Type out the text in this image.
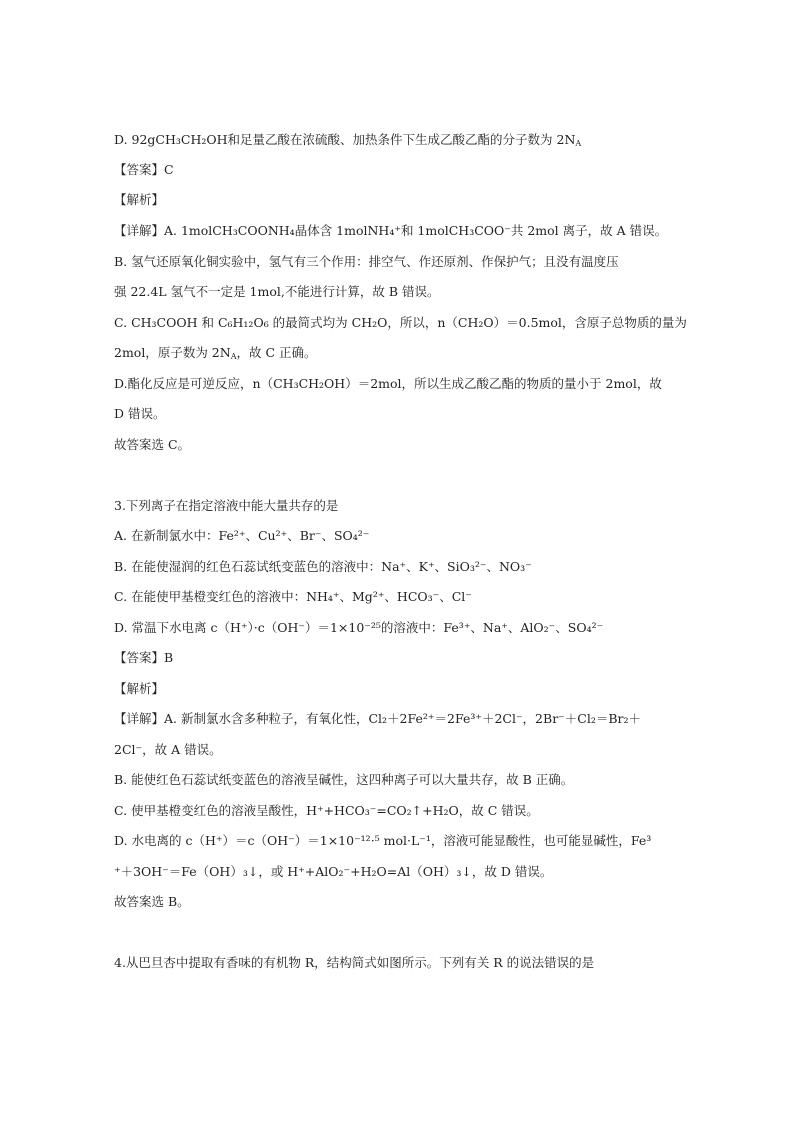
D. 92gCH₃CH₂OH和足量乙酸在浓硫酸、加热条件下生成乙酸乙酯的分子数为 $2N_A$
【答案】C
【解析】
【详解】A. 1molCH₃COONH₄晶体含 1molNH₄⁺和 1molCH₃COO⁻共 2mol 离子，故 A 错误。
B. 氢气还原氧化铜实验中，氢气有三个作用：排空气、作还原剂、作保护气；且没有温度压
强 22.4L 氢气不一定是 1mol,不能进行计算，故 B 错误。
C. CH₃COOH 和 C₆H₁₂O₆ 的最简式均为 CH₂O，所以，n（CH₂O）＝0.5mol，含原子总物质的量为
2mol，原子数为 $2N_A$，故 C 正确。
D.酯化反应是可逆反应，n（CH₃CH₂OH）＝2mol，所以生成乙酸乙酯的物质的量小于 2mol，故
D 错误。
故答案选 C。
3.下列离子在指定溶液中能大量共存的是
A. 在新制氯水中：Fe²⁺、Cu²⁺、Br⁻、SO₄²⁻
B. 在能使湿润的红色石蕊试纸变蓝色的溶液中：Na⁺、K⁺、SiO₃²⁻、NO₃⁻
C. 在能使甲基橙变红色的溶液中：NH₄⁺、Mg²⁺、HCO₃⁻、Cl⁻
D. 常温下水电离 c（H⁺）·c（OH⁻）＝1×10⁻²⁵的溶液中：Fe³⁺、Na⁺、AlO₂⁻、SO₄²⁻
【答案】B
【解析】
【详解】A. 新制氯水含多种粒子，有氧化性，Cl₂＋2Fe²⁺＝2Fe³⁺＋2Cl⁻，2Br⁻＋Cl₂＝Br₂＋
2Cl⁻，故 A 错误。
B. 能使红色石蕊试纸变蓝色的溶液呈碱性，这四种离子可以大量共存，故 B 正确。
C. 使甲基橙变红色的溶液呈酸性，H⁺+HCO₃⁻=CO₂↑+H₂O，故 C 错误。
D. 水电离的 c（H⁺）＝c（OH⁻）＝1×10⁻¹²·⁵ mol·L⁻¹，溶液可能显酸性，也可能显碱性，Fe³
⁺＋3OH⁻＝Fe（OH）₃↓，或 H⁺+AlO₂⁻+H₂O=Al（OH）₃↓，故 D 错误。
故答案选 B。
4.从巴旦杏中提取有香味的有机物 R，结构简式如图所示。下列有关 R 的说法错误的是
